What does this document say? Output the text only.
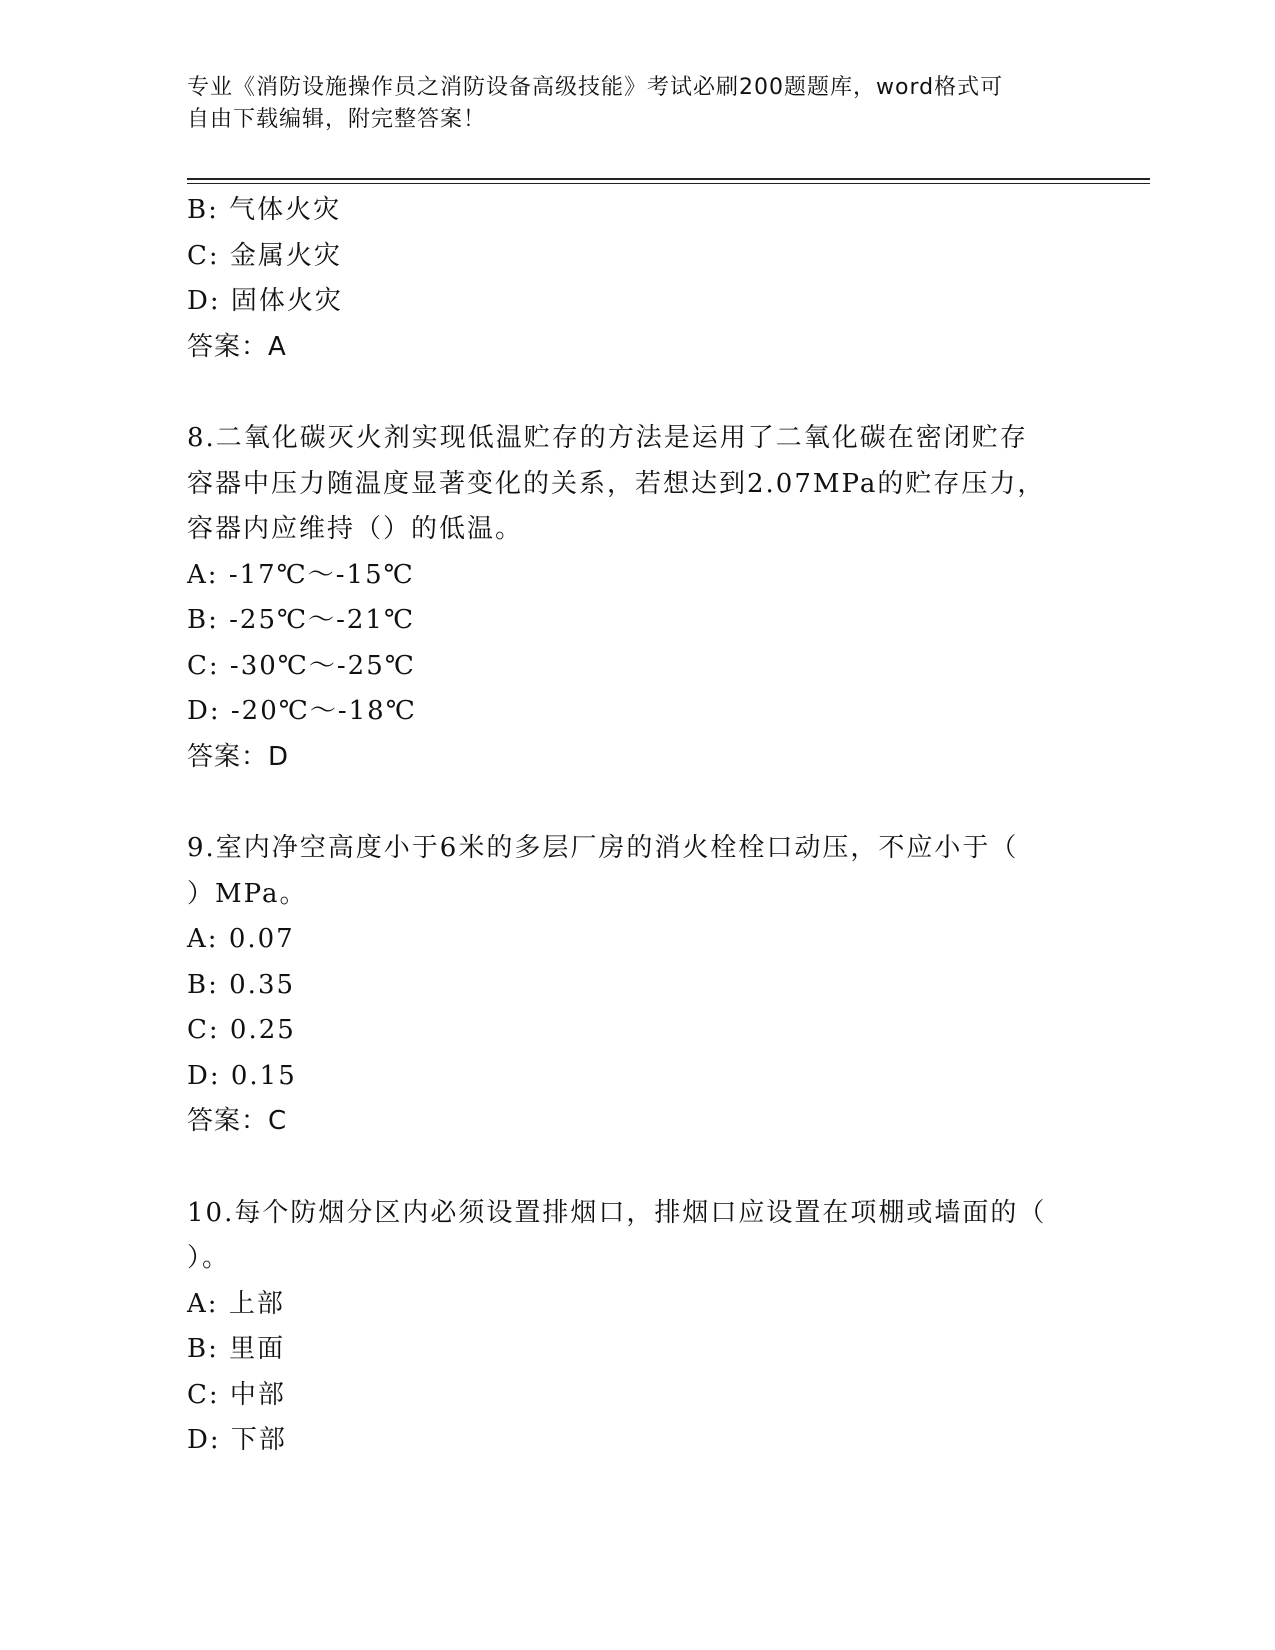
专业《消防设施操作员之消防设备高级技能》考试必刷200题题库，word格式可
自由下载编辑，附完整答案！
B: 气体火灾
C: 金属火灾
D: 固体火灾
答案：A
8.二氧化碳灭火剂实现低温贮存的方法是运用了二氧化碳在密闭贮存
容器中压力随温度显著变化的关系，若想达到2.07MPa的贮存压力，
容器内应维持（）的低温。
A: -17℃～-15℃
B: -25℃～-21℃
C: -30℃～-25℃
D: -20℃～-18℃
答案：D
9.室内净空高度小于6米的多层厂房的消火栓栓口动压，不应小于（
）MPa。
A: 0.07
B: 0.35
C: 0.25
D: 0.15
答案：C
10.每个防烟分区内必须设置排烟口，排烟口应设置在项棚或墙面的（
）。
A: 上部
B: 里面
C: 中部
D: 下部
